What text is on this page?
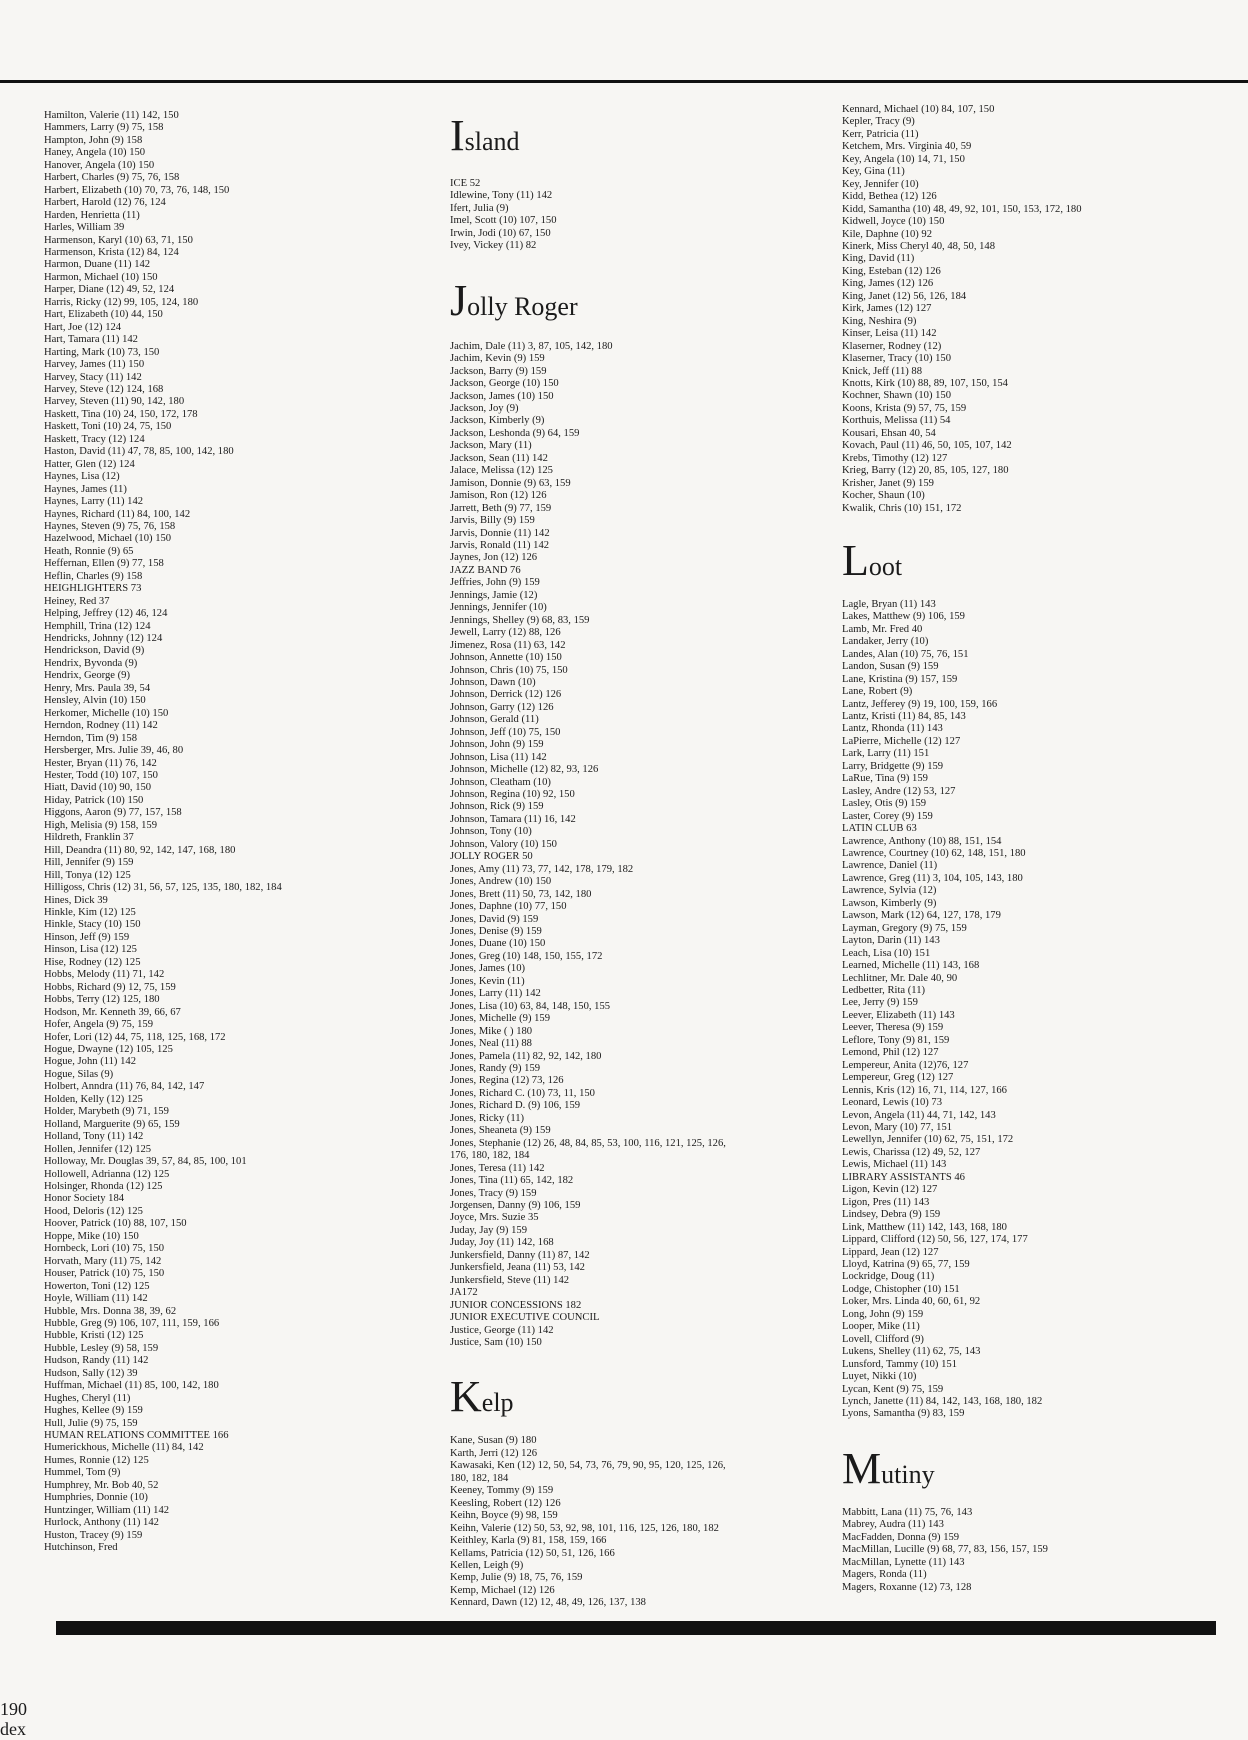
Hamilton, Valerie (11) 142, 150
Hammers, Larry (9) 75, 158
Hampton, John (9) 158
Haney, Angela (10) 150
Hanover, Angela (10) 150
Harbert, Charles (9) 75, 76, 158
Harbert, Elizabeth (10) 70, 73, 76, 148, 150
Harbert, Harold (12) 76, 124
Harden, Henrietta (11)
Harles, William 39
Harmenson, Karyl (10) 63, 71, 150
Harmenson, Krista (12) 84, 124
Harmon, Duane (11) 142
Harmon, Michael (10) 150
Harper, Diane (12) 49, 52, 124
Harris, Ricky (12) 99, 105, 124, 180
Hart, Elizabeth (10) 44, 150
Hart, Joe (12) 124
Hart, Tamara (11) 142
Harting, Mark (10) 73, 150
Harvey, James (11) 150
Harvey, Stacy (11) 142
Harvey, Steve (12) 124, 168
Harvey, Steven (11) 90, 142, 180
Haskett, Tina (10) 24, 150, 172, 178
Haskett, Toni (10) 24, 75, 150
Haskett, Tracy (12) 124
Haston, David (11) 47, 78, 85, 100, 142, 180
Hatter, Glen (12) 124
Haynes, Lisa (12)
Haynes, James (11)
Haynes, Larry (11) 142
Haynes, Richard (11) 84, 100, 142
Haynes, Steven (9) 75, 76, 158
Hazelwood, Michael (10) 150
Heath, Ronnie (9) 65
Heffernan, Ellen (9) 77, 158
Heflin, Charles (9) 158
HEIGHLIGHTERS 73
Heiney, Red 37
Helping, Jeffrey (12) 46, 124
Hemphill, Trina (12) 124
Hendricks, Johnny (12) 124
Hendrickson, David (9)
Hendrix, Byvonda (9)
Hendrix, George (9)
Henry, Mrs. Paula 39, 54
Hensley, Alvin (10) 150
Herkomer, Michelle (10) 150
Herndon, Rodney (11) 142
Herndon, Tim (9) 158
Hersberger, Mrs. Julie 39, 46, 80
Hester, Bryan (11) 76, 142
Hester, Todd (10) 107, 150
Hiatt, David (10) 90, 150
Hiday, Patrick (10) 150
Higgons, Aaron (9) 77, 157, 158
High, Melisia (9) 158, 159
Hildreth, Franklin 37
Hill, Deandra (11) 80, 92, 142, 147, 168, 180
Hill, Jennifer (9) 159
Hill, Tonya (12) 125
Hilligoss, Chris (12) 31, 56, 57, 125, 135, 180, 182, 184
Hines, Dick 39
Hinkle, Kim (12) 125
Hinkle, Stacy (10) 150
Hinson, Jeff (9) 159
Hinson, Lisa (12) 125
Hise, Rodney (12) 125
Hobbs, Melody (11) 71, 142
Hobbs, Richard (9) 12, 75, 159
Hobbs, Terry (12) 125, 180
Hodson, Mr. Kenneth 39, 66, 67
Hofer, Angela (9) 75, 159
Hofer, Lori (12) 44, 75, 118, 125, 168, 172
Hogue, Dwayne (12) 105, 125
Hogue, John (11) 142
Hogue, Silas (9)
Holbert, Anndra (11) 76, 84, 142, 147
Holden, Kelly (12) 125
Holder, Marybeth (9) 71, 159
Holland, Marguerite (9) 65, 159
Holland, Tony (11) 142
Hollen, Jennifer (12) 125
Holloway, Mr. Douglas 39, 57, 84, 85, 100, 101
Hollowell, Adrianna (12) 125
Holsinger, Rhonda (12) 125
Honor Society 184
Hood, Deloris (12) 125
Hoover, Patrick (10) 88, 107, 150
Hoppe, Mike (10) 150
Hornbeck, Lori (10) 75, 150
Horvath, Mary (11) 75, 142
Houser, Patrick (10) 75, 150
Howerton, Toni (12) 125
Hoyle, William (11) 142
Hubble, Mrs. Donna 38, 39, 62
Hubble, Greg (9) 106, 107, 111, 159, 166
Hubble, Kristi (12) 125
Hubble, Lesley (9) 58, 159
Hudson, Randy (11) 142
Hudson, Sally (12) 39
Huffman, Michael (11) 85, 100, 142, 180
Hughes, Cheryl (11)
Hughes, Kellee (9) 159
Hull, Julie (9) 75, 159
HUMAN RELATIONS COMMITTEE 166
Humerickhous, Michelle (11) 84, 142
Humes, Ronnie (12) 125
Hummel, Tom (9)
Humphrey, Mr. Bob 40, 52
Humphries, Donnie (10)
Huntzinger, William (11) 142
Hurlock, Anthony (11) 142
Huston, Tracey (9) 159
Hutchinson, Fred
Island
ICE 52
Idlewine, Tony (11) 142
Ifert, Julia (9)
Imel, Scott (10) 107, 150
Irwin, Jodi (10) 67, 150
Ivey, Vickey (11) 82
Jolly Roger
Jachim, Dale (11) 3, 87, 105, 142, 180
Jachim, Kevin (9) 159
Jackson, Barry (9) 159
Jackson, George (10) 150
Jackson, James (10) 150
Jackson, Joy (9)
Jackson, Kimberly (9)
Jackson, Leshonda (9) 64, 159
Jackson, Mary (11)
Jackson, Sean (11) 142
Jalace, Melissa (12) 125
Jamison, Donnie (9) 63, 159
Jamison, Ron (12) 126
Jarrett, Beth (9) 77, 159
Jarvis, Billy (9) 159
Jarvis, Donnie (11) 142
Jarvis, Ronald (11) 142
Jaynes, Jon (12) 126
JAZZ BAND 76
Jeffries, John (9) 159
Jennings, Jamie (12)
Jennings, Jennifer (10)
Jennings, Shelley (9) 68, 83, 159
Jewell, Larry (12) 88, 126
Jimenez, Rosa (11) 63, 142
Johnson, Annette (10) 150
Johnson, Chris (10) 75, 150
Johnson, Dawn (10)
Johnson, Derrick (12) 126
Johnson, Garry (12) 126
Johnson, Gerald (11)
Johnson, Jeff (10) 75, 150
Johnson, John (9) 159
Johnson, Lisa (11) 142
Johnson, Michelle (12) 82, 93, 126
Johnson, Cleatham (10)
Johnson, Regina (10) 92, 150
Johnson, Rick (9) 159
Johnson, Tamara (11) 16, 142
Johnson, Tony (10)
Johnson, Valory (10) 150
JOLLY ROGER 50
Jones, Amy (11) 73, 77, 142, 178, 179, 182
Jones, Andrew (10) 150
Jones, Brett (11) 50, 73, 142, 180
Jones, Daphne (10) 77, 150
Jones, David (9) 159
Jones, Denise (9) 159
Jones, Duane (10) 150
Jones, Greg (10) 148, 150, 155, 172
Jones, James (10)
Jones, Kevin (11)
Jones, Larry (11) 142
Jones, Lisa (10) 63, 84, 148, 150, 155
Jones, Michelle (9) 159
Jones, Mike ( ) 180
Jones, Neal (11) 88
Jones, Pamela (11) 82, 92, 142, 180
Jones, Randy (9) 159
Jones, Regina (12) 73, 126
Jones, Richard C. (10) 73, 11, 150
Jones, Richard D. (9) 106, 159
Jones, Ricky (11)
Jones, Sheaneta (9) 159
Jones, Stephanie (12) 26, 48, 84, 85, 53, 100, 116, 121, 125, 126,
176, 180, 182, 184
Jones, Teresa (11) 142
Jones, Tina (11) 65, 142, 182
Jones, Tracy (9) 159
Jorgensen, Danny (9) 106, 159
Joyce, Mrs. Suzie 35
Juday, Jay (9) 159
Juday, Joy (11) 142, 168
Junkersfield, Danny (11) 87, 142
Junkersfield, Jeana (11) 53, 142
Junkersfield, Steve (11) 142
JA172
JUNIOR CONCESSIONS 182
JUNIOR EXECUTIVE COUNCIL
Justice, George (11) 142
Justice, Sam (10) 150
Kelp
Kane, Susan (9) 180
Karth, Jerri (12) 126
Kawasaki, Ken (12) 12, 50, 54, 73, 76, 79, 90, 95, 120, 125, 126,
180, 182, 184
Keeney, Tommy (9) 159
Keesling, Robert (12) 126
Keihn, Boyce (9) 98, 159
Keihn, Valerie (12) 50, 53, 92, 98, 101, 116, 125, 126, 180, 182
Keithley, Karla (9) 81, 158, 159, 166
Kellams, Patricia (12) 50, 51, 126, 166
Kellen, Leigh (9)
Kemp, Julie (9) 18, 75, 76, 159
Kemp, Michael (12) 126
Kennard, Dawn (12) 12, 48, 49, 126, 137, 138
Kennard, Michael (10) 84, 107, 150
Kepler, Tracy (9)
Kerr, Patricia (11)
Ketchem, Mrs. Virginia 40, 59
Key, Angela (10) 14, 71, 150
Key, Gina (11)
Key, Jennifer (10)
Kidd, Bethea (12) 126
Kidd, Samantha (10) 48, 49, 92, 101, 150, 153, 172, 180
Kidwell, Joyce (10) 150
Kile, Daphne (10) 92
Kinerk, Miss Cheryl 40, 48, 50, 148
King, David (11)
King, Esteban (12) 126
King, James (12) 126
King, Janet (12) 56, 126, 184
Kirk, James (12) 127
King, Neshira (9)
Kinser, Leisa (11) 142
Klaserner, Rodney (12)
Klaserner, Tracy (10) 150
Knick, Jeff (11) 88
Knotts, Kirk (10) 88, 89, 107, 150, 154
Kochner, Shawn (10) 150
Koons, Krista (9) 57, 75, 159
Korthuis, Melissa (11) 54
Kousari, Ehsan 40, 54
Kovach, Paul (11) 46, 50, 105, 107, 142
Krebs, Timothy (12) 127
Krieg, Barry (12) 20, 85, 105, 127, 180
Krisher, Janet (9) 159
Kocher, Shaun (10)
Kwalik, Chris (10) 151, 172
Loot
Lagle, Bryan (11) 143
Lakes, Matthew (9) 106, 159
Lamb, Mr. Fred 40
Landaker, Jerry (10)
Landes, Alan (10) 75, 76, 151
Landon, Susan (9) 159
Lane, Kristina (9) 157, 159
Lane, Robert (9)
Lantz, Jefferey (9) 19, 100, 159, 166
Lantz, Kristi (11) 84, 85, 143
Lantz, Rhonda (11) 143
LaPierre, Michelle (12) 127
Lark, Larry (11) 151
Larry, Bridgette (9) 159
LaRue, Tina (9) 159
Lasley, Andre (12) 53, 127
Lasley, Otis (9) 159
Laster, Corey (9) 159
LATIN CLUB 63
Lawrence, Anthony (10) 88, 151, 154
Lawrence, Courtney (10) 62, 148, 151, 180
Lawrence, Daniel (11)
Lawrence, Greg (11) 3, 104, 105, 143, 180
Lawrence, Sylvia (12)
Lawson, Kimberly (9)
Lawson, Mark (12) 64, 127, 178, 179
Layman, Gregory (9) 75, 159
Layton, Darin (11) 143
Leach, Lisa (10) 151
Learned, Michelle (11) 143, 168
Lechlitner, Mr. Dale 40, 90
Ledbetter, Rita (11)
Lee, Jerry (9) 159
Leever, Elizabeth (11) 143
Leever, Theresa (9) 159
Leflore, Tony (9) 81, 159
Lemond, Phil (12) 127
Lempereur, Anita (12)76, 127
Lempereur, Greg (12) 127
Lennis, Kris (12) 16, 71, 114, 127, 166
Leonard, Lewis (10) 73
Levon, Angela (11) 44, 71, 142, 143
Levon, Mary (10) 77, 151
Lewellyn, Jennifer (10) 62, 75, 151, 172
Lewis, Charissa (12) 49, 52, 127
Lewis, Michael (11) 143
LIBRARY ASSISTANTS 46
Ligon, Kevin (12) 127
Ligon, Pres (11) 143
Lindsey, Debra (9) 159
Link, Matthew (11) 142, 143, 168, 180
Lippard, Clifford (12) 50, 56, 127, 174, 177
Lippard, Jean (12) 127
Lloyd, Katrina (9) 65, 77, 159
Lockridge, Doug (11)
Lodge, Chistopher (10) 151
Loker, Mrs. Linda 40, 60, 61, 92
Long, John (9) 159
Looper, Mike (11)
Lovell, Clifford (9)
Lukens, Shelley (11) 62, 75, 143
Lunsford, Tammy (10) 151
Luyet, Nikki (10)
Lycan, Kent (9) 75, 159
Lynch, Janette (11) 84, 142, 143, 168, 180, 182
Lyons, Samantha (9) 83, 159
Mutiny
Mabbitt, Lana (11) 75, 76, 143
Mabrey, Audra (11) 143
MacFadden, Donna (9) 159
MacMillan, Lucille (9) 68, 77, 83, 156, 157, 159
MacMillan, Lynette (11) 143
Magers, Ronda (11)
Magers, Roxanne (12) 73, 128
190
dex
